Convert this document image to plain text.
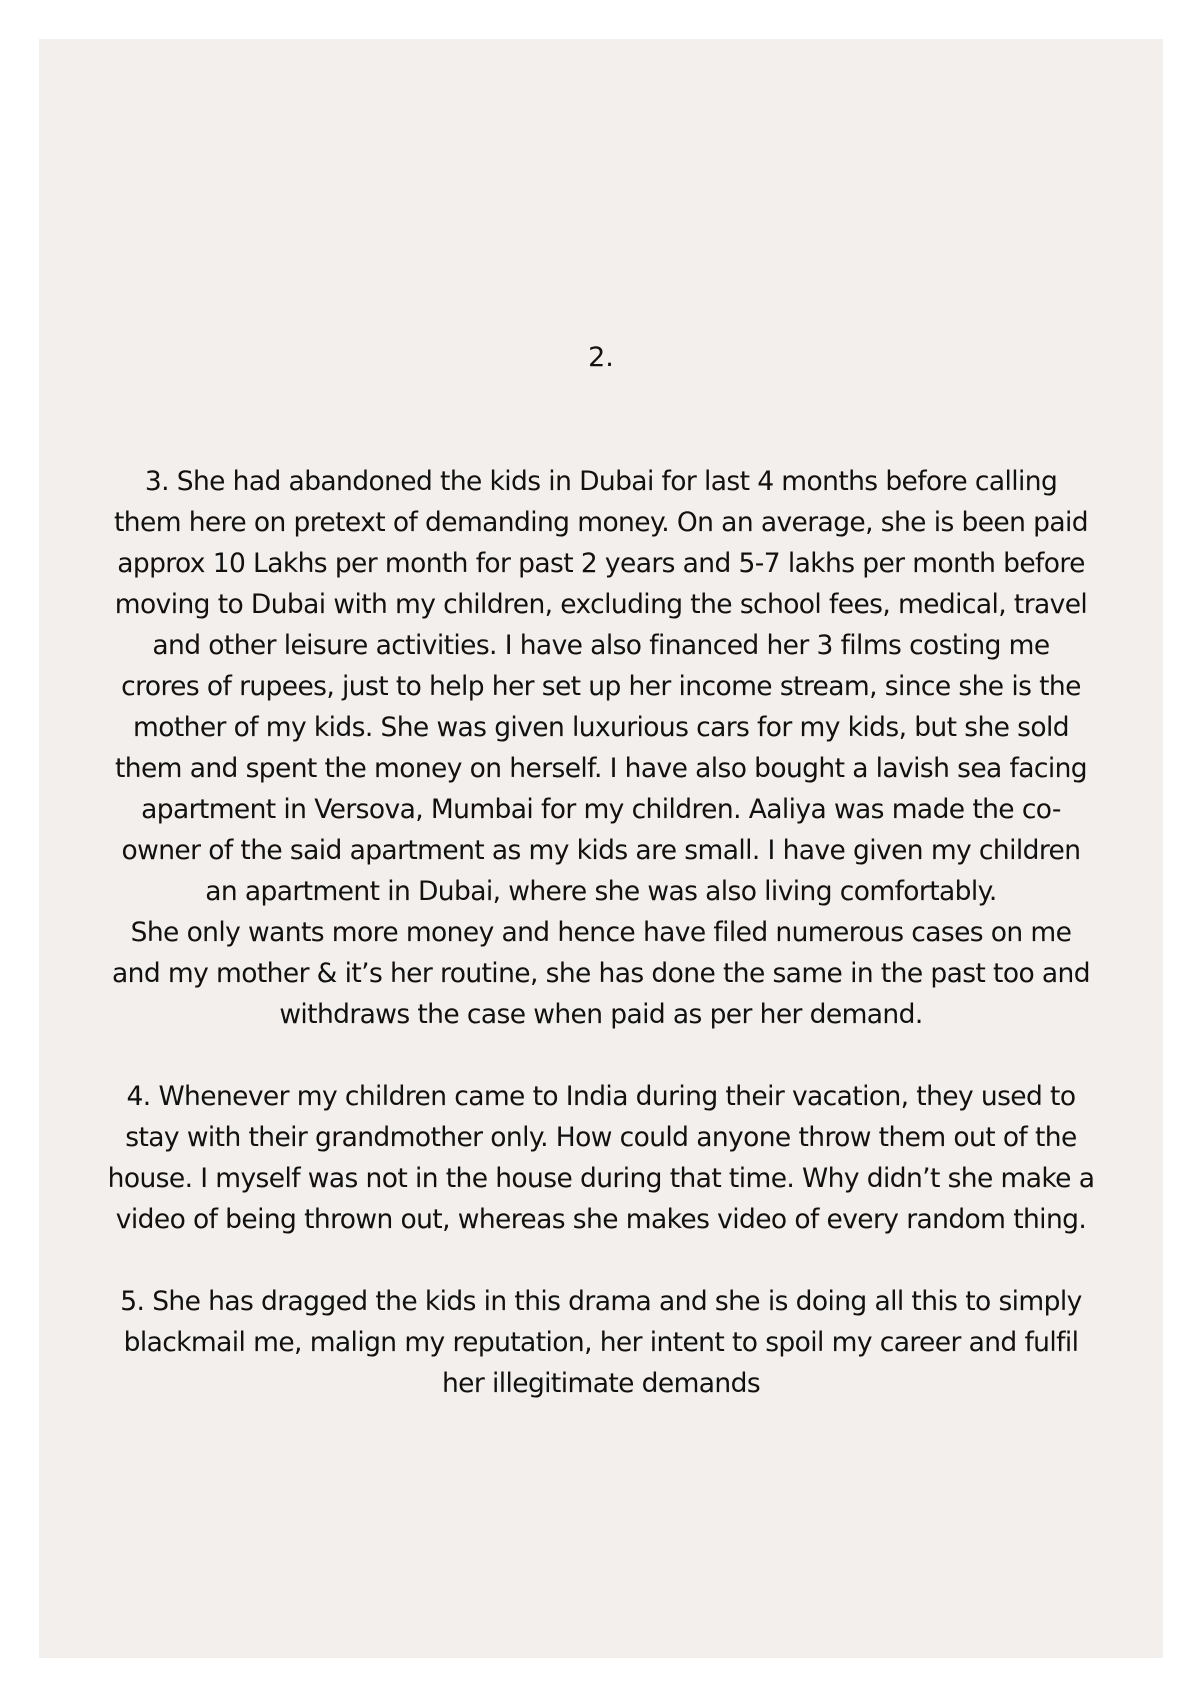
2.
3. She had abandoned the kids in Dubai for last 4 months before calling
them here on pretext of demanding money. On an average, she is been paid
approx 10 Lakhs per month for past 2 years and 5-7 lakhs per month before
moving to Dubai with my children, excluding the school fees, medical, travel
and other leisure activities. I have also financed her 3 films costing me
crores of rupees, just to help her set up her income stream, since she is the
mother of my kids. She was given luxurious cars for my kids, but she sold
them and spent the money on herself. I have also bought a lavish sea facing
apartment in Versova, Mumbai for my children. Aaliya was made the co-
owner of the said apartment as my kids are small. I have given my children
an apartment in Dubai, where she was also living comfortably.
She only wants more money and hence have filed numerous cases on me
and my mother & it’s her routine, she has done the same in the past too and
withdraws the case when paid as per her demand.
4. Whenever my children came to India during their vacation, they used to
stay with their grandmother only. How could anyone throw them out of the
house. I myself was not in the house during that time. Why didn’t she make a
video of being thrown out, whereas she makes video of every random thing.
5. She has dragged the kids in this drama and she is doing all this to simply
blackmail me, malign my reputation, her intent to spoil my career and fulfil
her illegitimate demands
